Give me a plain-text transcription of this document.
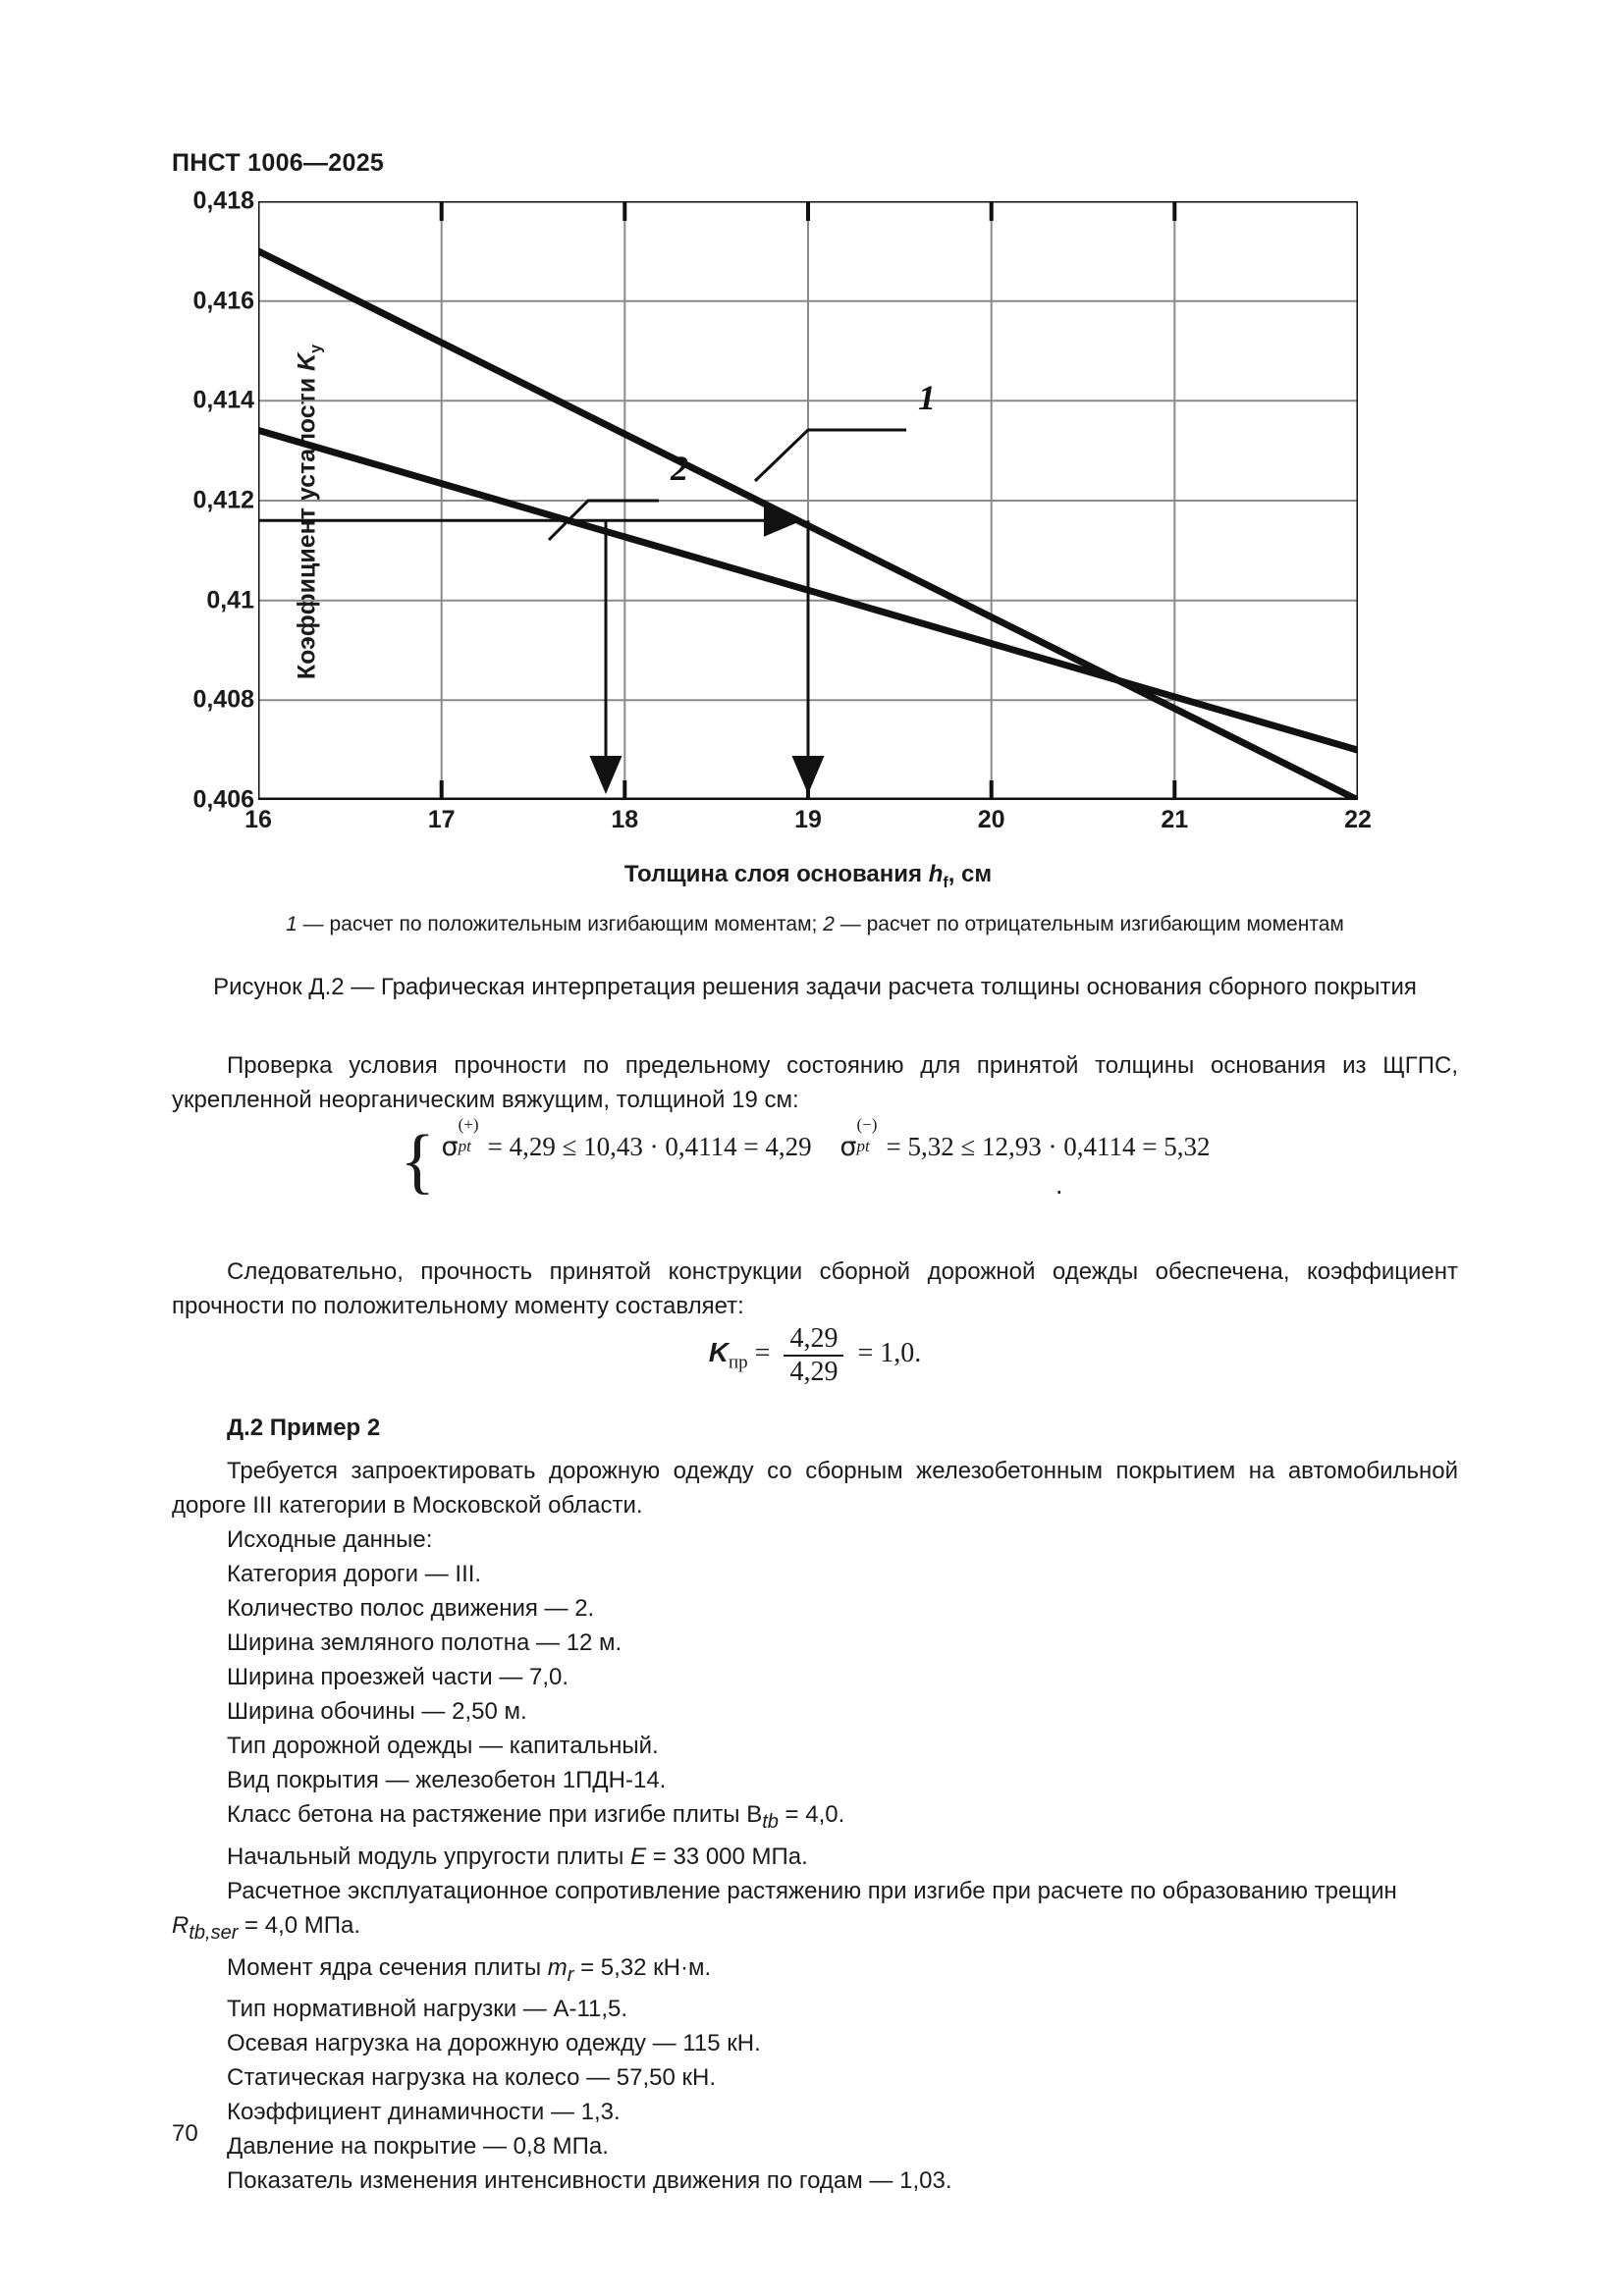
ПНСТ 1006—2025
Коэффициент усталости $K_y$
0,406
0,408
0,41
0,412
0,414
0,416
0,418
16	17	18	19	20	21	22
1
2
Толщина слоя основания $h_f$, см
1 — расчет по положительным изгибающим моментам; 2 — расчет по отрицательным изгибающим моментам
Рисунок Д.2 — Графическая интерпретация решения задачи расчета толщины основания сборного покрытия
Проверка условия прочности по предельному состоянию для принятой толщины основания из ЩГПС, укрепленной неорганическим вяжущим, толщиной 19 см:
{ σ
(+)
pt = 4,29 ≤ 10,43 · 0,4114 = 4,29 σ
(−)
pt = 5,32 ≤ 12,93 · 0,4114 = 5,32
.
Следовательно, прочность принятой конструкции сборной дорожной одежды обеспечена, коэффициент прочности по положительному моменту составляет:
$K_{пр} = \frac{4,29}{4,29} = 1,0$.
Д.2 Пример 2
Требуется запроектировать дорожную одежду со сборным железобетонным покрытием на автомобильной дороге III категории в Московской области.
Исходные данные:
Категория дороги — III.
Количество полос движения — 2.
Ширина земляного полотна — 12 м.
Ширина проезжей части — 7,0.
Ширина обочины — 2,50 м.
Тип дорожной одежды — капитальный.
Вид покрытия — железобетон 1ПДН-14.
Класс бетона на растяжение при изгибе плиты $B_{tb} = 4,0$.
Начальный модуль упругости плиты E = 33 000 МПа.
Расчетное эксплуатационное сопротивление растяжению при изгибе при расчете по образованию трещин
$R_{tb,ser} = 4,0$ МПа.
Момент ядра сечения плиты $m_r = 5,32$ кН·м.
Тип нормативной нагрузки — А-11,5.
Осевая нагрузка на дорожную одежду — 115 кН.
Статическая нагрузка на колесо — 57,50 кН.
Коэффициент динамичности — 1,3.
Давление на покрытие — 0,8 МПа.
Показатель изменения интенсивности движения по годам — 1,03.
70
